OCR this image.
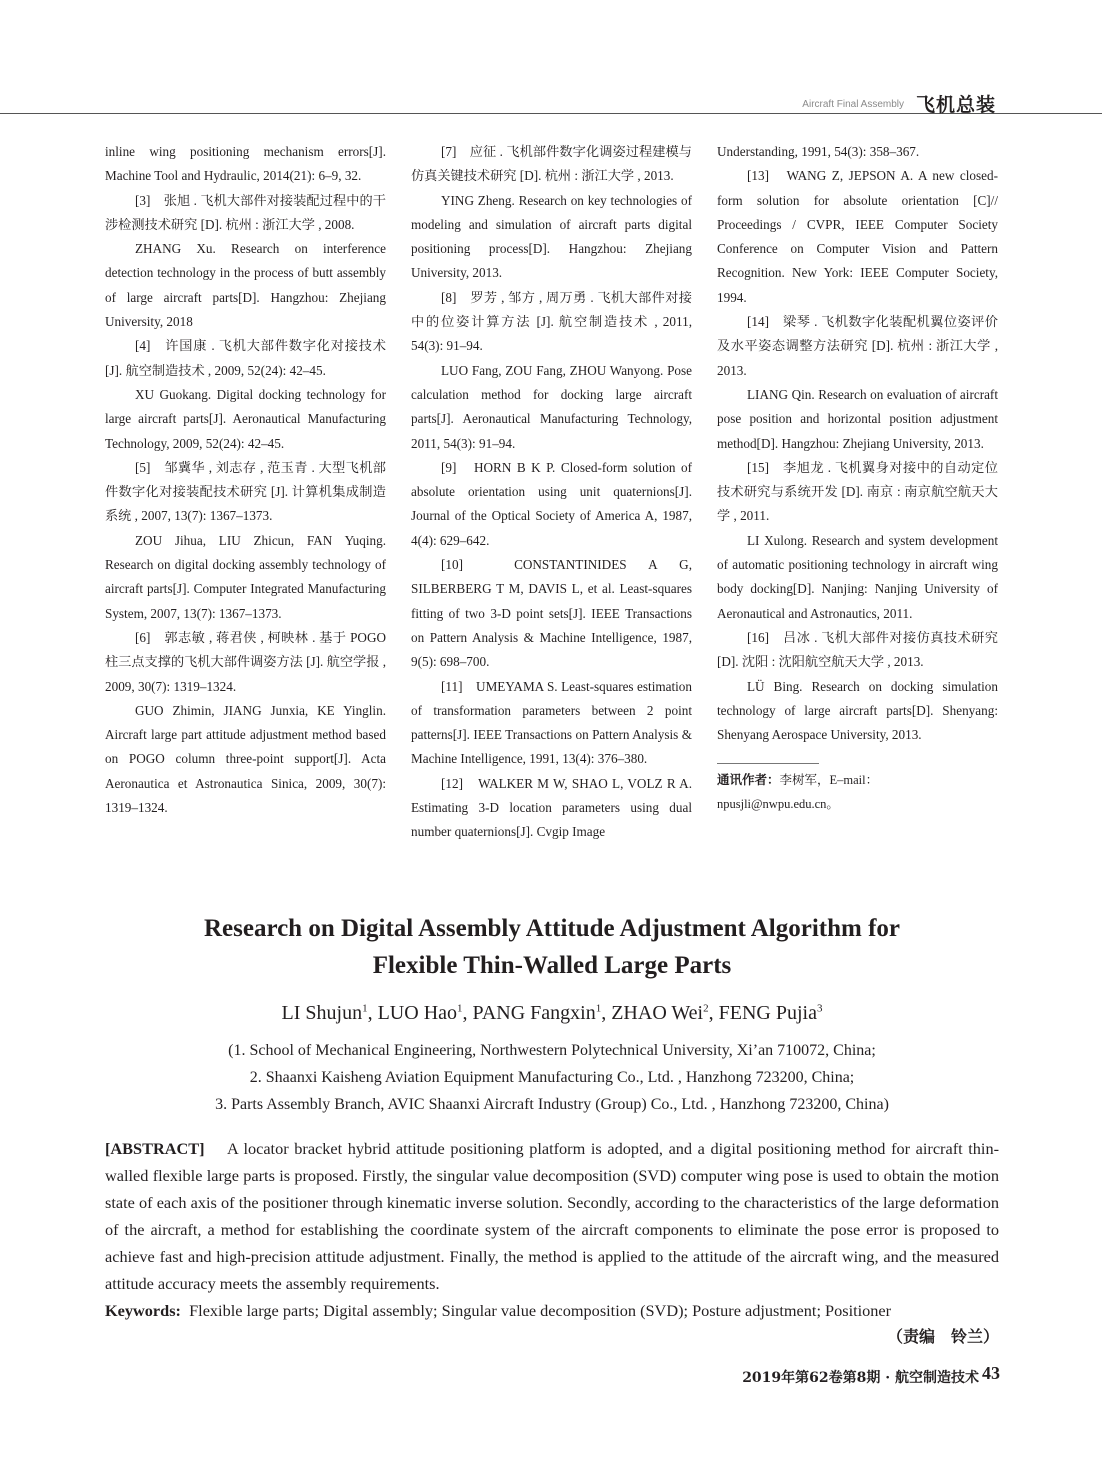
Aircraft Final Assembly 飞机总装

inline wing positioning mechanism errors[J]. Machine Tool and Hydraulic, 2014(21): 6–9, 32.

[3]　张旭 . 飞机大部件对接装配过程中的干涉检测技术研究 [D]. 杭州 : 浙江大学 , 2008.

ZHANG Xu. Research on interference detection technology in the process of butt assembly of large aircraft parts[D]. Hangzhou: Zhejiang University, 2018

[4]　许国康 . 飞机大部件数字化对接技术 [J]. 航空制造技术 , 2009, 52(24): 42–45.

XU Guokang. Digital docking technology for large aircraft parts[J]. Aeronautical Manufacturing Technology, 2009, 52(24): 42–45.

[5]　邹冀华 , 刘志存 , 范玉青 . 大型飞机部件数字化对接装配技术研究 [J]. 计算机集成制造系统 , 2007, 13(7): 1367–1373.

ZOU Jihua, LIU Zhicun, FAN Yuqing. Research on digital docking assembly technology of aircraft parts[J]. Computer Integrated Manufacturing System, 2007, 13(7): 1367–1373.

[6]　郭志敏 , 蒋君侠 , 柯映林 . 基于 POGO 柱三点支撑的飞机大部件调姿方法 [J]. 航空学报 , 2009, 30(7): 1319–1324.

GUO Zhimin, JIANG Junxia, KE Yinglin. Aircraft large part attitude adjustment method based on POGO column three-point support[J]. Acta Aeronautica et Astronautica Sinica, 2009, 30(7): 1319–1324.

[7]　应征 . 飞机部件数字化调姿过程建模与仿真关键技术研究 [D]. 杭州 : 浙江大学 , 2013.

YING Zheng. Research on key technologies of modeling and simulation of aircraft parts digital positioning process[D]. Hangzhou: Zhejiang University, 2013.

[8]　罗芳 , 邹方 , 周万勇 . 飞机大部件对接中的位姿计算方法 [J]. 航空制造技术 , 2011, 54(3): 91–94.

LUO Fang, ZOU Fang, ZHOU Wanyong. Pose calculation method for docking large aircraft parts[J]. Aeronautical Manufacturing Technology, 2011, 54(3): 91–94.

[9]　HORN B K P. Closed-form solution of absolute orientation using unit quaternions[J]. Journal of the Optical Society of America A, 1987, 4(4): 629–642.

[10]　CONSTANTINIDES A G, SILBERBERG T M, DAVIS L, et al. Least-squares fitting of two 3-D point sets[J]. IEEE Transactions on Pattern Analysis & Machine Intelligence, 1987, 9(5): 698–700.

[11]　UMEYAMA S. Least-squares estimation of transformation parameters between 2 point patterns[J]. IEEE Transactions on Pattern Analysis & Machine Intelligence, 1991, 13(4): 376–380.

[12]　WALKER M W, SHAO L, VOLZ R A. Estimating 3-D location parameters using dual number quaternions[J]. Cvgip Image

Understanding, 1991, 54(3): 358–367.

[13]　WANG Z, JEPSON A. A new closed-form solution for absolute orientation [C]// Proceedings / CVPR, IEEE Computer Society Conference on Computer Vision and Pattern Recognition. New York: IEEE Computer Society, 1994.

[14]　梁琴 . 飞机数字化装配机翼位姿评价及水平姿态调整方法研究 [D]. 杭州 : 浙江大学 , 2013.

LIANG Qin. Research on evaluation of aircraft pose position and horizontal position adjustment method[D]. Hangzhou: Zhejiang University, 2013.

[15]　李旭龙 . 飞机翼身对接中的自动定位技术研究与系统开发 [D]. 南京 : 南京航空航天大学 , 2011.

LI Xulong. Research and system development of automatic positioning technology in aircraft wing body docking[D]. Nanjing: Nanjing University of Aeronautical and Astronautics, 2011.

[16]　吕冰 . 飞机大部件对接仿真技术研究 [D]. 沈阳 : 沈阳航空航天大学 , 2013.

LÜ Bing. Research on docking simulation technology of large aircraft parts[D]. Shenyang: Shenyang Aerospace University, 2013.

通讯作者：李树军，E–mail：npusjli@nwpu.edu.cn。
Research on Digital Assembly Attitude Adjustment Algorithm for
Flexible Thin-Walled Large Parts
LI Shujun$^1$, LUO Hao$^1$, PANG Fangxin$^1$, ZHAO Wei$^2$, FENG Pujia$^3$
(1. School of Mechanical Engineering, Northwestern Polytechnical University, Xi’an 710072, China;
2. Shaanxi Kaisheng Aviation Equipment Manufacturing Co., Ltd. , Hanzhong 723200, China;
3. Parts Assembly Branch, AVIC Shaanxi Aircraft Industry (Group) Co., Ltd. , Hanzhong 723200, China)
[ABSTRACT] A locator bracket hybrid attitude positioning platform is adopted, and a digital positioning method for aircraft thin-walled flexible large parts is proposed. Firstly, the singular value decomposition (SVD) computer wing pose is used to obtain the motion state of each axis of the positioner through kinematic inverse solution. Secondly, according to the characteristics of the large deformation of the aircraft, a method for establishing the coordinate system of the aircraft components to eliminate the pose error is proposed to achieve fast and high-precision attitude adjustment. Finally, the method is applied to the attitude of the aircraft wing, and the measured attitude accuracy meets the assembly requirements.
Keywords: Flexible large parts; Digital assembly; Singular value decomposition (SVD); Posture adjustment; Positioner
（责编　铃兰）
2019年第62卷第8期 · 航空制造技术 43
